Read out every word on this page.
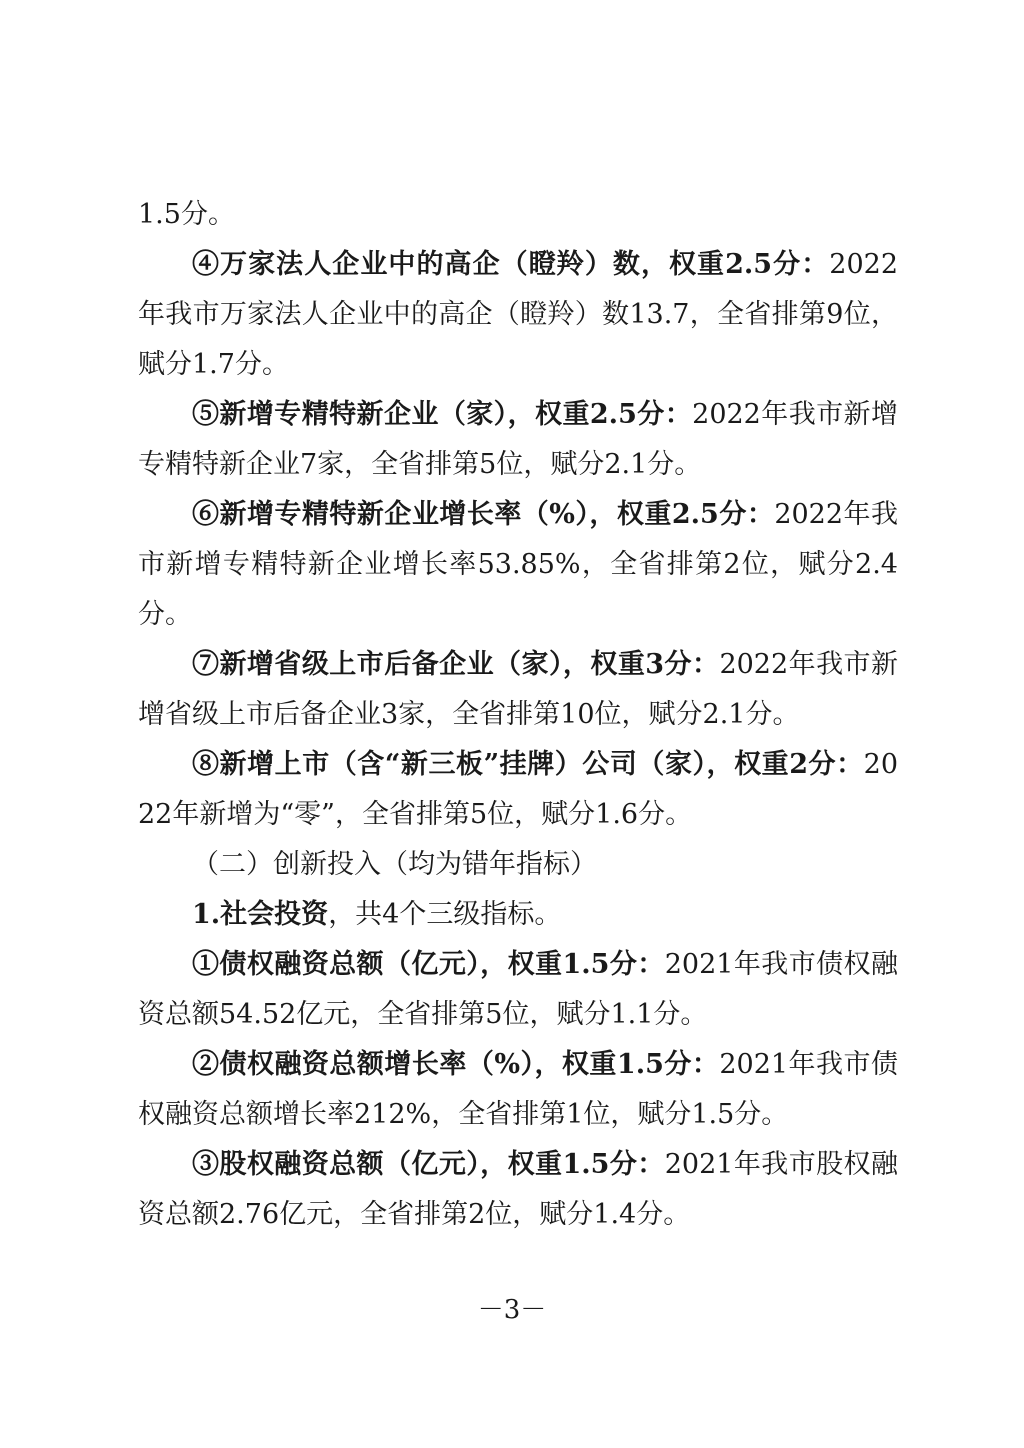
1.5分。

④万家法人企业中的高企（瞪羚）数，权重2.5分：2022年我市万家法人企业中的高企（瞪羚）数13.7，全省排第9位，赋分1.7分。

⑤新增专精特新企业（家），权重2.5分：2022年我市新增专精特新企业7家，全省排第5位，赋分2.1分。

⑥新增专精特新企业增长率（%），权重2.5分：2022年我市新增专精特新企业增长率53.85%，全省排第2位，赋分2.4分。

⑦新增省级上市后备企业（家），权重3分：2022年我市新增省级上市后备企业3家，全省排第10位，赋分2.1分。

⑧新增上市（含“新三板”挂牌）公司（家），权重2分：2022年新增为“零”，全省排第5位，赋分1.6分。

（二）创新投入（均为错年指标）

1.社会投资，共4个三级指标。

①债权融资总额（亿元），权重1.5分：2021年我市债权融资总额54.52亿元，全省排第5位，赋分1.1分。

②债权融资总额增长率（%），权重1.5分：2021年我市债权融资总额增长率212%，全省排第1位，赋分1.5分。

③股权融资总额（亿元），权重1.5分：2021年我市股权融资总额2.76亿元，全省排第2位，赋分1.4分。

－3－
